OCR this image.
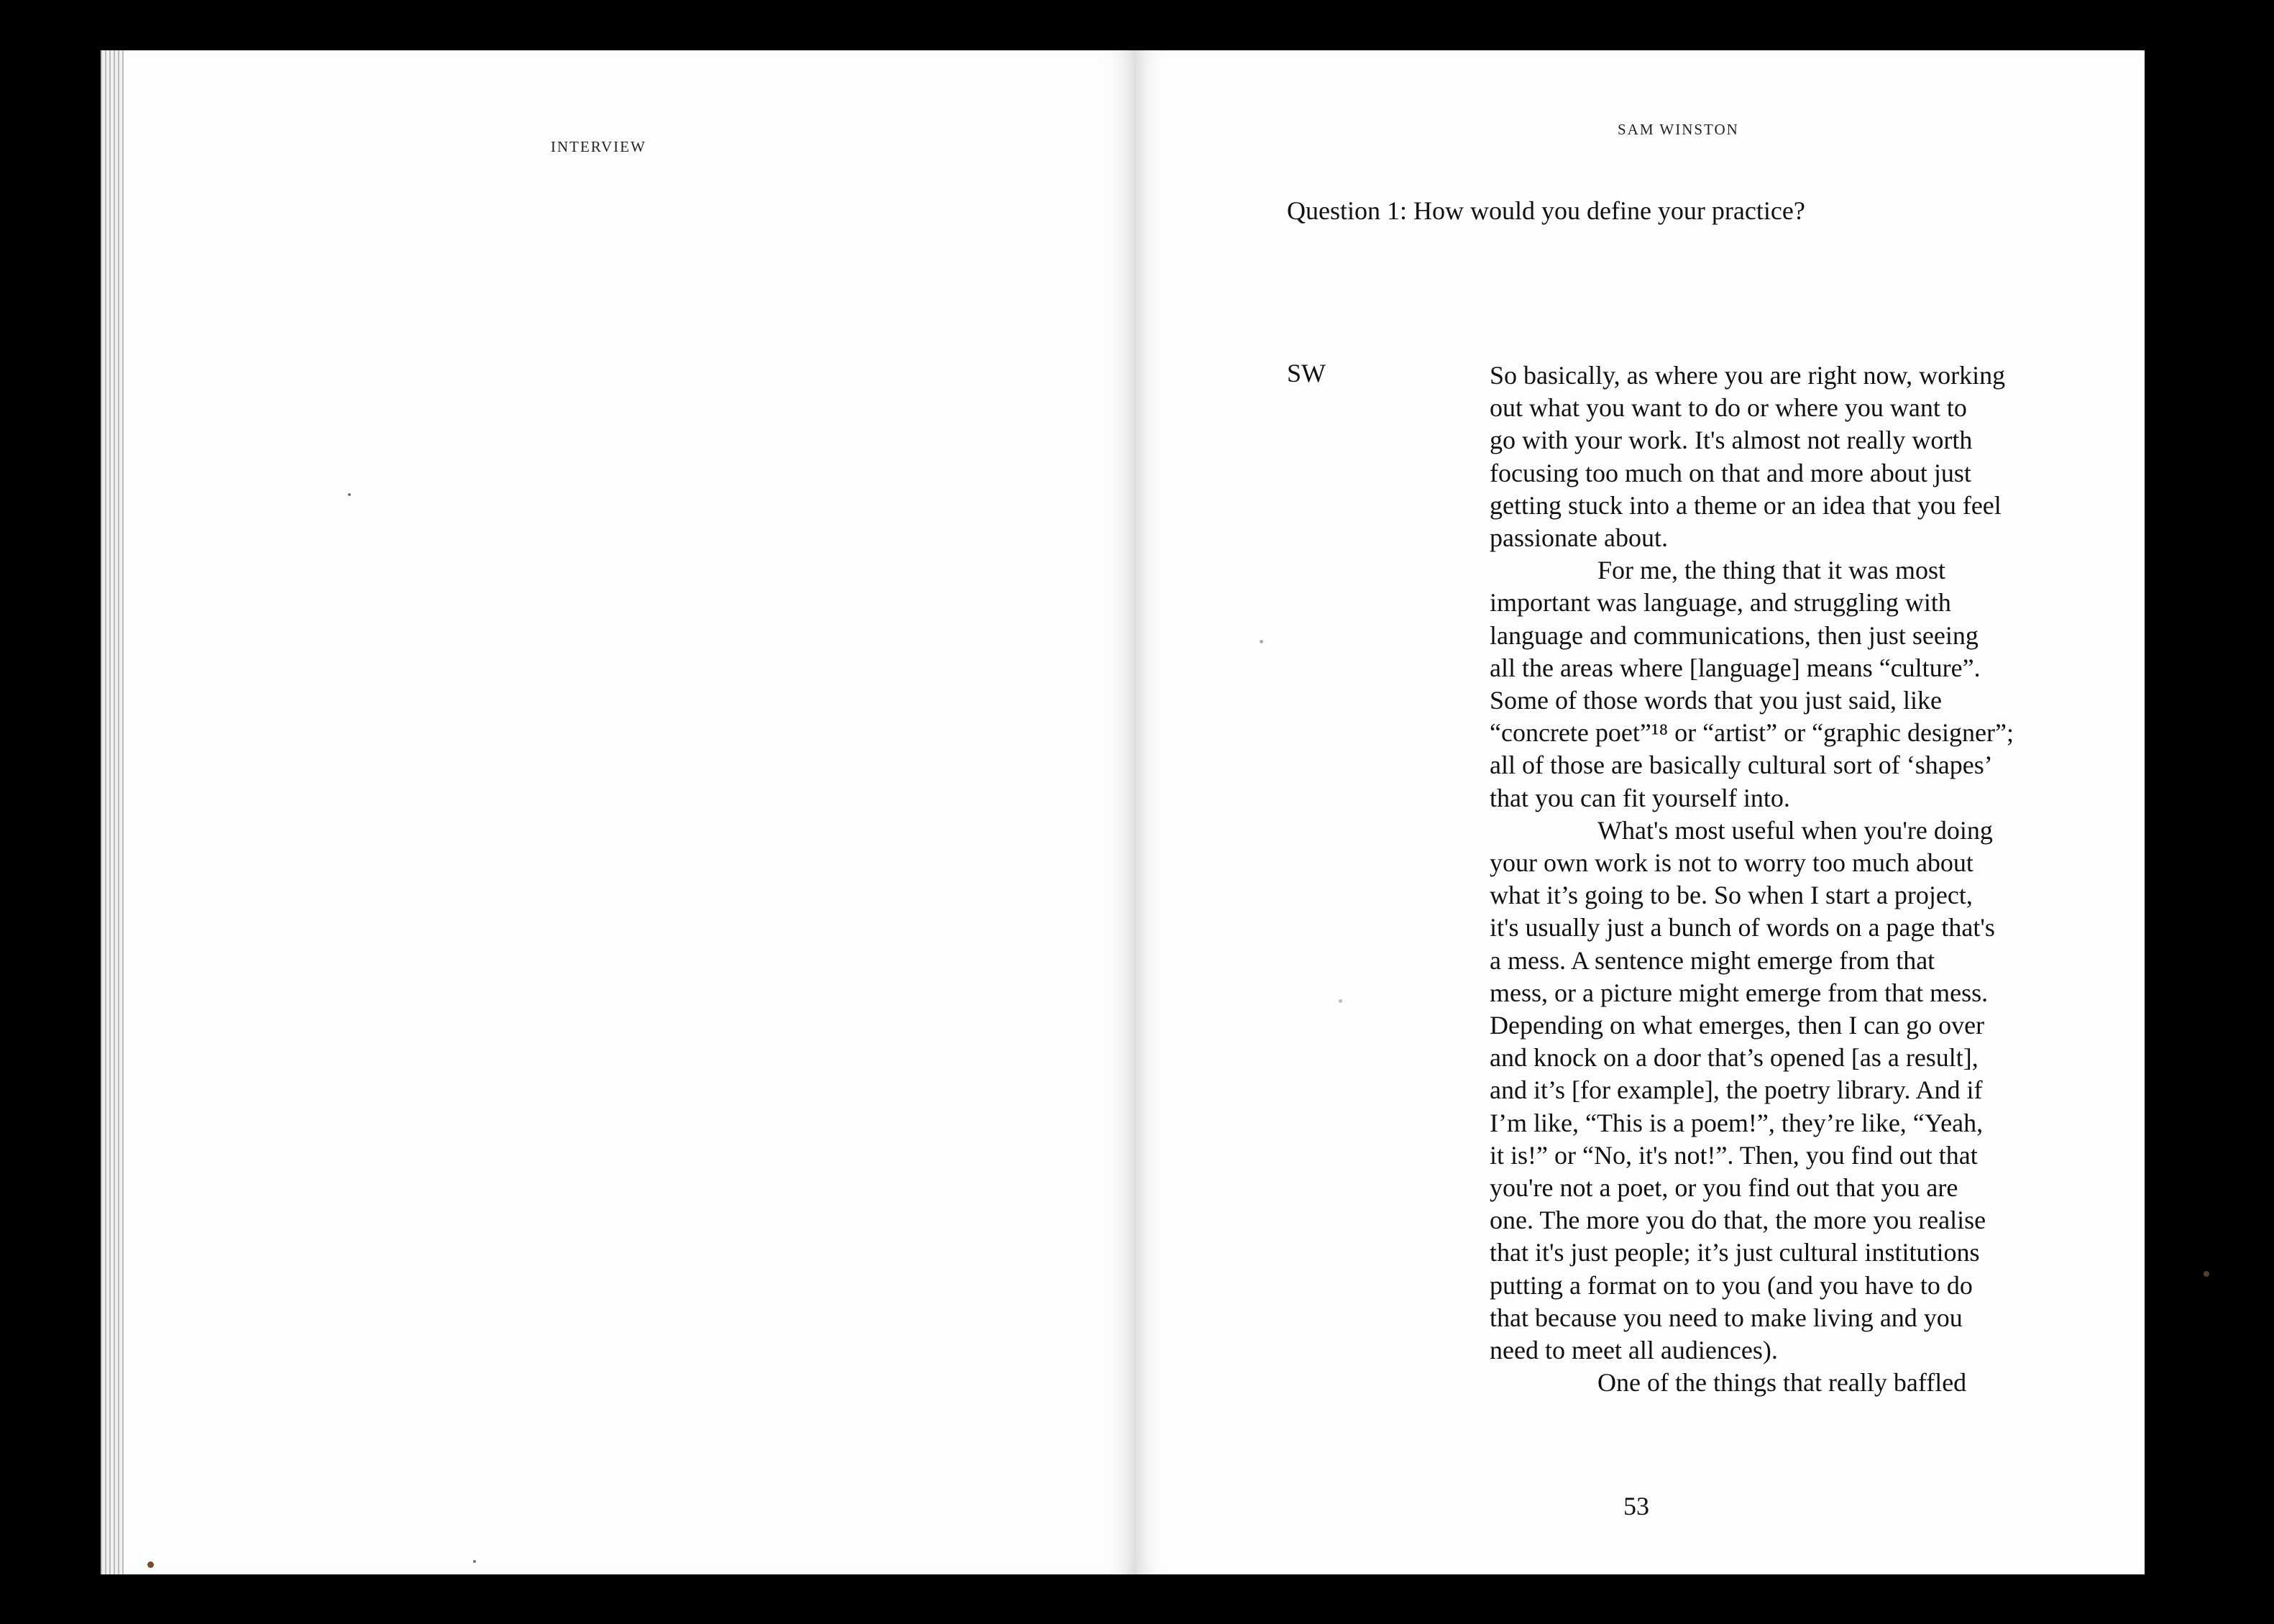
INTERVIEW
SAM WINSTON
Question 1: How would you define your practice?
SW	So basically, as where you are right now, working
out what you want to do or where you want to
go with your work. It's almost not really worth
focusing too much on that and more about just
getting stuck into a theme or an idea that you feel
passionate about.

For me, the thing that it was most
important was language, and struggling with
language and communications, then just seeing
all the areas where [language] means “culture”.
Some of those words that you just said, like
“concrete poet”¹⁸ or “artist” or “graphic designer”;
all of those are basically cultural sort of ‘shapes’
that you can fit yourself into.

What's most useful when you're doing
your own work is not to worry too much about
what it’s going to be. So when I start a project,
it's usually just a bunch of words on a page that's
a mess. A sentence might emerge from that
mess, or a picture might emerge from that mess.
Depending on what emerges, then I can go over
and knock on a door that’s opened [as a result],
and it’s [for example], the poetry library. And if
I’m like, “This is a poem!”, they’re like, “Yeah,
it is!” or “No, it's not!”. Then, you find out that
you're not a poet, or you find out that you are
one. The more you do that, the more you realise
that it's just people; it’s just cultural institutions
putting a format on to you (and you have to do
that because you need to make living and you
need to meet all audiences).

One of the things that really baffled

53
